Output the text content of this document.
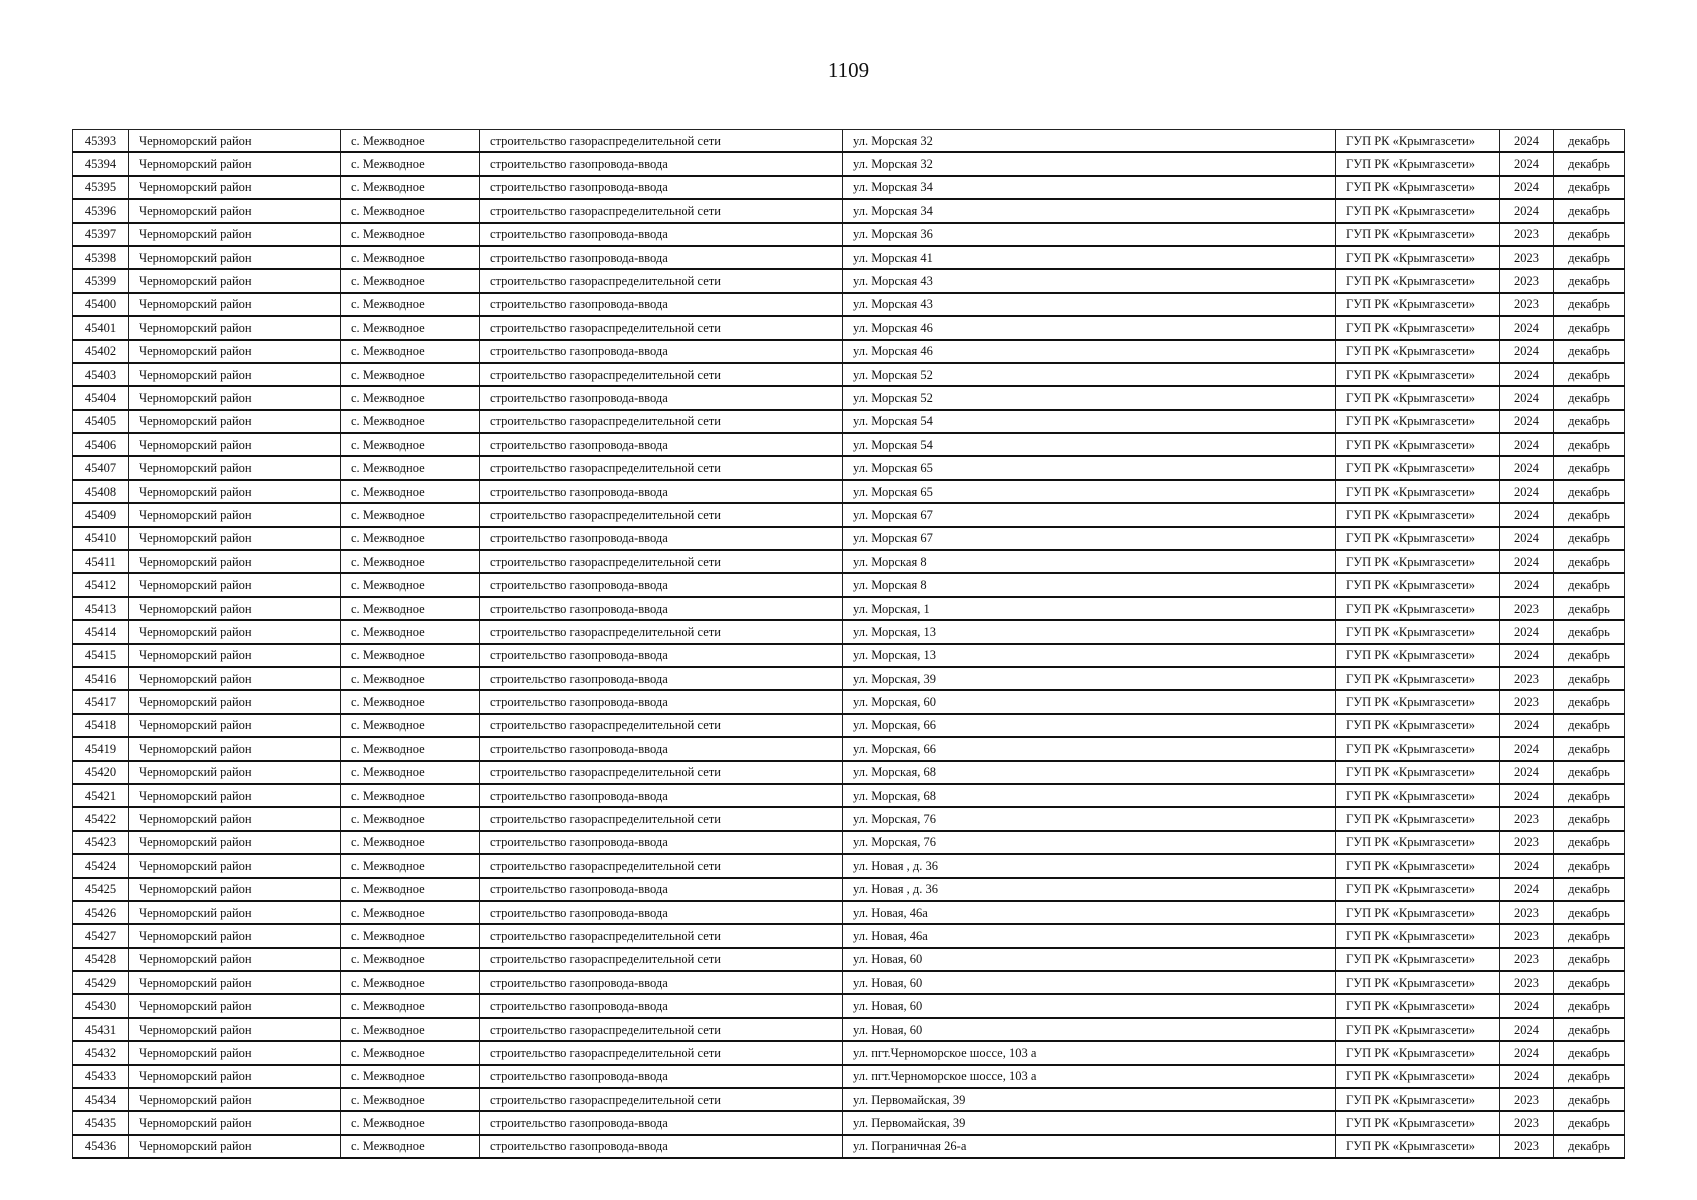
1109
45393	Черноморский район	с. Межводное	строительство газораспределительной сети	ул. Морская 32	ГУП РК «Крымгазсети»	2024	декабрь
45394	Черноморский район	с. Межводное	строительство газопровода-ввода	ул. Морская 32	ГУП РК «Крымгазсети»	2024	декабрь
45395	Черноморский район	с. Межводное	строительство газопровода-ввода	ул. Морская 34	ГУП РК «Крымгазсети»	2024	декабрь
45396	Черноморский район	с. Межводное	строительство газораспределительной сети	ул. Морская 34	ГУП РК «Крымгазсети»	2024	декабрь
45397	Черноморский район	с. Межводное	строительство газопровода-ввода	ул. Морская 36	ГУП РК «Крымгазсети»	2023	декабрь
45398	Черноморский район	с. Межводное	строительство газопровода-ввода	ул. Морская 41	ГУП РК «Крымгазсети»	2023	декабрь
45399	Черноморский район	с. Межводное	строительство газораспределительной сети	ул. Морская 43	ГУП РК «Крымгазсети»	2023	декабрь
45400	Черноморский район	с. Межводное	строительство газопровода-ввода	ул. Морская 43	ГУП РК «Крымгазсети»	2023	декабрь
45401	Черноморский район	с. Межводное	строительство газораспределительной сети	ул. Морская 46	ГУП РК «Крымгазсети»	2024	декабрь
45402	Черноморский район	с. Межводное	строительство газопровода-ввода	ул. Морская 46	ГУП РК «Крымгазсети»	2024	декабрь
45403	Черноморский район	с. Межводное	строительство газораспределительной сети	ул. Морская 52	ГУП РК «Крымгазсети»	2024	декабрь
45404	Черноморский район	с. Межводное	строительство газопровода-ввода	ул. Морская 52	ГУП РК «Крымгазсети»	2024	декабрь
45405	Черноморский район	с. Межводное	строительство газораспределительной сети	ул. Морская 54	ГУП РК «Крымгазсети»	2024	декабрь
45406	Черноморский район	с. Межводное	строительство газопровода-ввода	ул. Морская 54	ГУП РК «Крымгазсети»	2024	декабрь
45407	Черноморский район	с. Межводное	строительство газораспределительной сети	ул. Морская 65	ГУП РК «Крымгазсети»	2024	декабрь
45408	Черноморский район	с. Межводное	строительство газопровода-ввода	ул. Морская 65	ГУП РК «Крымгазсети»	2024	декабрь
45409	Черноморский район	с. Межводное	строительство газораспределительной сети	ул. Морская 67	ГУП РК «Крымгазсети»	2024	декабрь
45410	Черноморский район	с. Межводное	строительство газопровода-ввода	ул. Морская 67	ГУП РК «Крымгазсети»	2024	декабрь
45411	Черноморский район	с. Межводное	строительство газораспределительной сети	ул. Морская 8	ГУП РК «Крымгазсети»	2024	декабрь
45412	Черноморский район	с. Межводное	строительство газопровода-ввода	ул. Морская 8	ГУП РК «Крымгазсети»	2024	декабрь
45413	Черноморский район	с. Межводное	строительство газопровода-ввода	ул. Морская, 1	ГУП РК «Крымгазсети»	2023	декабрь
45414	Черноморский район	с. Межводное	строительство газораспределительной сети	ул. Морская, 13	ГУП РК «Крымгазсети»	2024	декабрь
45415	Черноморский район	с. Межводное	строительство газопровода-ввода	ул. Морская, 13	ГУП РК «Крымгазсети»	2024	декабрь
45416	Черноморский район	с. Межводное	строительство газопровода-ввода	ул. Морская, 39	ГУП РК «Крымгазсети»	2023	декабрь
45417	Черноморский район	с. Межводное	строительство газопровода-ввода	ул. Морская, 60	ГУП РК «Крымгазсети»	2023	декабрь
45418	Черноморский район	с. Межводное	строительство газораспределительной сети	ул. Морская, 66	ГУП РК «Крымгазсети»	2024	декабрь
45419	Черноморский район	с. Межводное	строительство газопровода-ввода	ул. Морская, 66	ГУП РК «Крымгазсети»	2024	декабрь
45420	Черноморский район	с. Межводное	строительство газораспределительной сети	ул. Морская, 68	ГУП РК «Крымгазсети»	2024	декабрь
45421	Черноморский район	с. Межводное	строительство газопровода-ввода	ул. Морская, 68	ГУП РК «Крымгазсети»	2024	декабрь
45422	Черноморский район	с. Межводное	строительство газораспределительной сети	ул. Морская, 76	ГУП РК «Крымгазсети»	2023	декабрь
45423	Черноморский район	с. Межводное	строительство газопровода-ввода	ул. Морская, 76	ГУП РК «Крымгазсети»	2023	декабрь
45424	Черноморский район	с. Межводное	строительство газораспределительной сети	ул. Новая , д. 36	ГУП РК «Крымгазсети»	2024	декабрь
45425	Черноморский район	с. Межводное	строительство газопровода-ввода	ул. Новая , д. 36	ГУП РК «Крымгазсети»	2024	декабрь
45426	Черноморский район	с. Межводное	строительство газопровода-ввода	ул. Новая, 46а	ГУП РК «Крымгазсети»	2023	декабрь
45427	Черноморский район	с. Межводное	строительство газораспределительной сети	ул. Новая, 46а	ГУП РК «Крымгазсети»	2023	декабрь
45428	Черноморский район	с. Межводное	строительство газораспределительной сети	ул. Новая, 60	ГУП РК «Крымгазсети»	2023	декабрь
45429	Черноморский район	с. Межводное	строительство газопровода-ввода	ул. Новая, 60	ГУП РК «Крымгазсети»	2023	декабрь
45430	Черноморский район	с. Межводное	строительство газопровода-ввода	ул. Новая, 60	ГУП РК «Крымгазсети»	2024	декабрь
45431	Черноморский район	с. Межводное	строительство газораспределительной сети	ул. Новая, 60	ГУП РК «Крымгазсети»	2024	декабрь
45432	Черноморский район	с. Межводное	строительство газораспределительной сети	ул. пгт.Черноморское шоссе, 103 а	ГУП РК «Крымгазсети»	2024	декабрь
45433	Черноморский район	с. Межводное	строительство газопровода-ввода	ул. пгт.Черноморское шоссе, 103 а	ГУП РК «Крымгазсети»	2024	декабрь
45434	Черноморский район	с. Межводное	строительство газораспределительной сети	ул. Первомайская, 39	ГУП РК «Крымгазсети»	2023	декабрь
45435	Черноморский район	с. Межводное	строительство газопровода-ввода	ул. Первомайская, 39	ГУП РК «Крымгазсети»	2023	декабрь
45436	Черноморский район	с. Межводное	строительство газопровода-ввода	ул. Пограничная 26-а	ГУП РК «Крымгазсети»	2023	декабрь
